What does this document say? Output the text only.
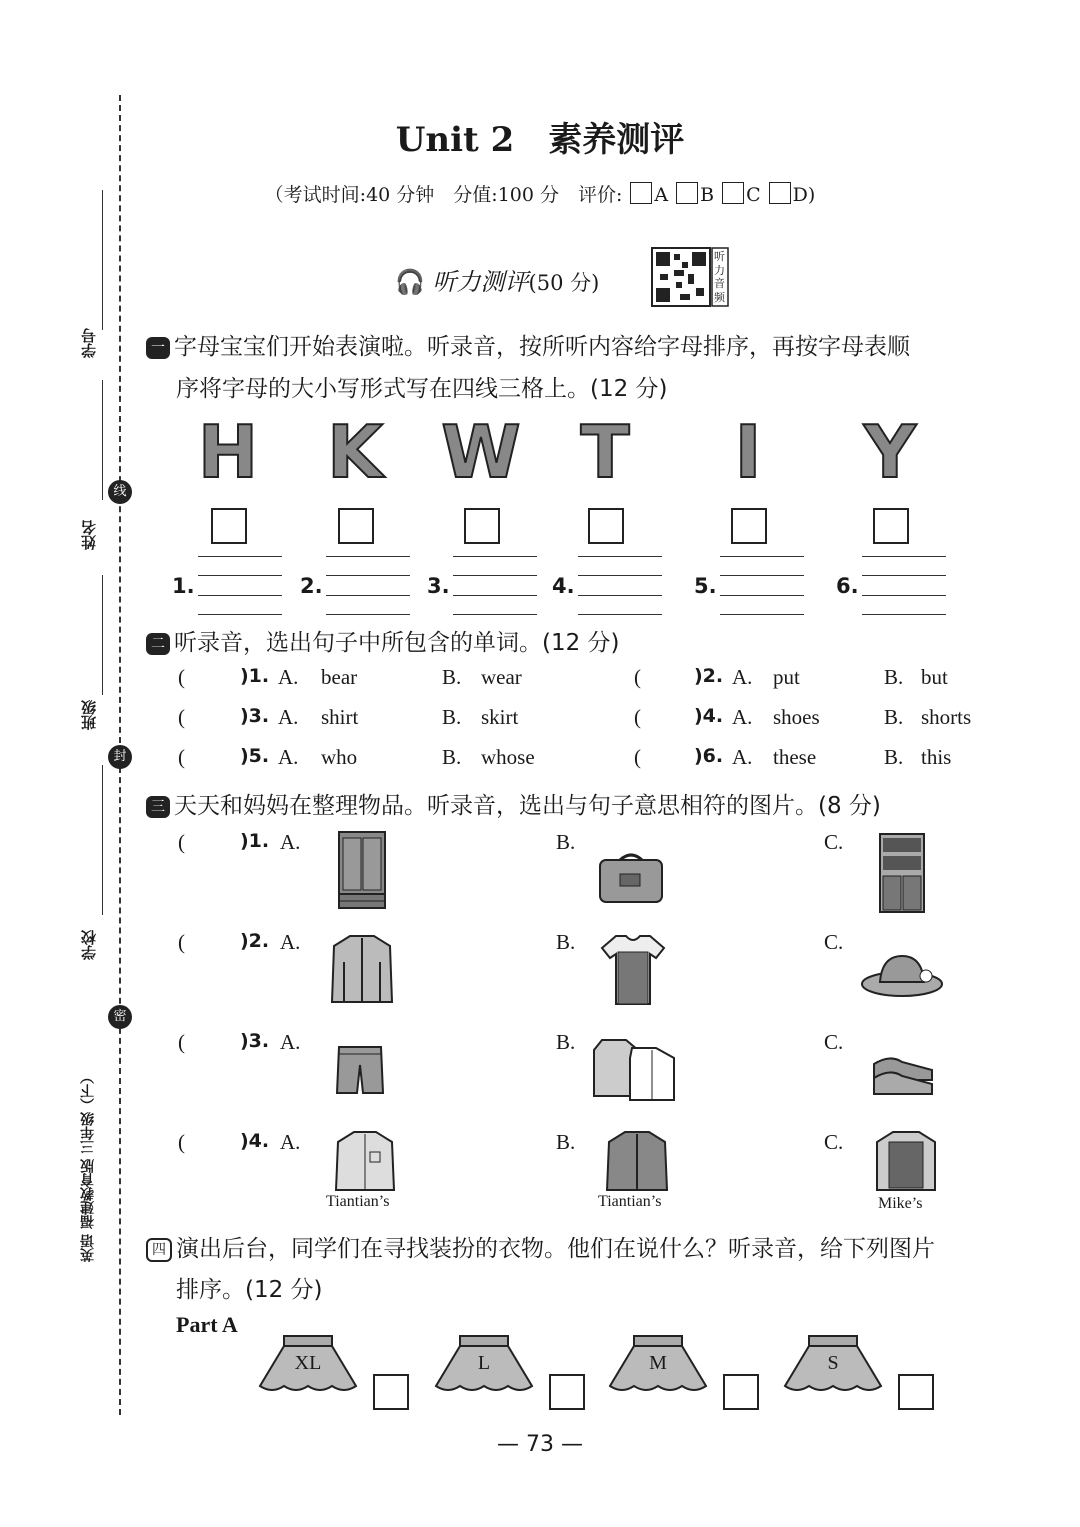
学号
线
姓名
班级
封
学校
密
英语 福建教育版 三年级（下）
Unit 2　素养测评
（考试时间:40 分钟　分值:100 分　评价: A B C D)
🎧 听力测评(50 分)
听力音频
一 字母宝宝们开始表演啦。听录音，按所听内容给字母排序，再按字母表顺
序将字母的大小写形式写在四线三格上。(12 分)
H
1.
K
2.
W
3.
T
4.
I
5.
Y
6.
二 听录音，选出句子中所包含的单词。(12 分)
(	)1. A. bear	B. wear	(	)2. A. put	B. but
(	)3. A. shirt	B. skirt	(	)4. A. shoes	B. shorts
(	)5. A. who	B. whose	(	)6. A. these	B. this
三 天天和妈妈在整理物品。听录音，选出与句子意思相符的图片。(8 分)
(	)1. A.	B.	C.
(	)2. A.	B.	C.
(	)3. A.	B.	C.
(	)4. A.	B.	C.
Tiantian’s	Tiantian’s	Mike’s
四 演出后台，同学们在寻找装扮的衣物。他们在说什么？听录音，给下列图片
排序。(12 分)
Part A
XL	L	M	S
— 73 —
